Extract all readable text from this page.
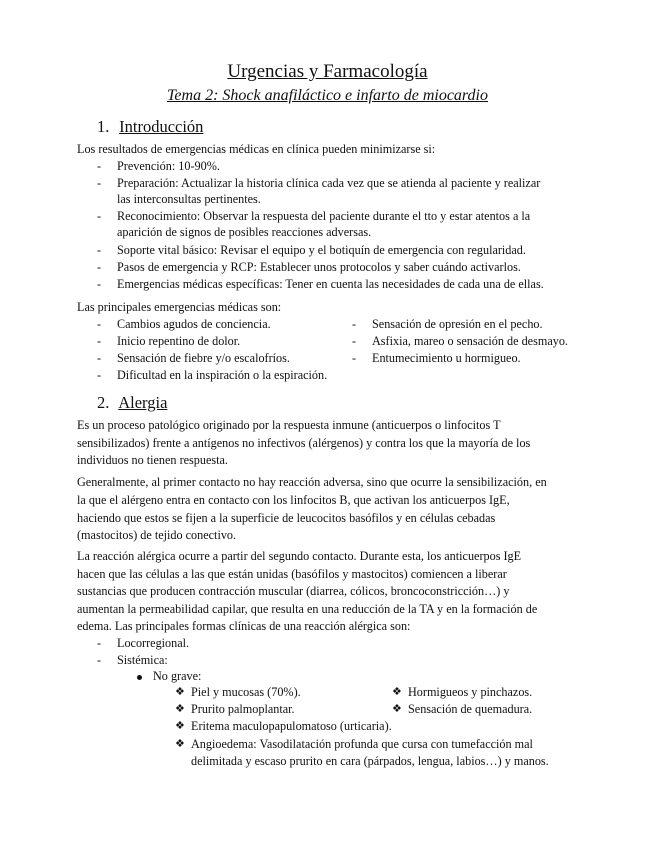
Urgencias y Farmacología
Tema 2: Shock anafiláctico e infarto de miocardio
1. Introducción
Los resultados de emergencias médicas en clínica pueden minimizarse si:
- Prevención: 10-90%.
- Preparación: Actualizar la historia clínica cada vez que se atienda al paciente y realizar
las interconsultas pertinentes.
- Reconocimiento: Observar la respuesta del paciente durante el tto y estar atentos a la
aparición de signos de posibles reacciones adversas.
- Soporte vital básico: Revisar el equipo y el botiquín de emergencia con regularidad.
- Pasos de emergencia y RCP: Establecer unos protocolos y saber cuándo activarlos.
- Emergencias médicas específicas: Tener en cuenta las necesidades de cada una de ellas.
Las principales emergencias médicas son:
- Cambios agudos de conciencia.
- Inicio repentino de dolor.
- Sensación de fiebre y/o escalofríos.
- Dificultad en la inspiración o la espiración.
- Sensación de opresión en el pecho.
- Asfixia, mareo o sensación de desmayo.
- Entumecimiento u hormigueo.
2. Alergia
Es un proceso patológico originado por la respuesta inmune (anticuerpos o linfocitos T
sensibilizados) frente a antígenos no infectivos (alérgenos) y contra los que la mayoría de los
individuos no tienen respuesta.
Generalmente, al primer contacto no hay reacción adversa, sino que ocurre la sensibilización, en
la que el alérgeno entra en contacto con los linfocitos B, que activan los anticuerpos IgE,
haciendo que estos se fijen a la superficie de leucocitos basófilos y en células cebadas
(mastocitos) de tejido conectivo.
La reacción alérgica ocurre a partir del segundo contacto. Durante esta, los anticuerpos IgE
hacen que las células a las que están unidas (basófilos y mastocitos) comiencen a liberar
sustancias que producen contracción muscular (diarrea, cólicos, broncoconstricción…) y
aumentan la permeabilidad capilar, que resulta en una reducción de la TA y en la formación de
edema. Las principales formas clínicas de una reacción alérgica son:
- Locorregional.
- Sistémica:
No grave:
❖ Piel y mucosas (70%).
❖ Prurito palmoplantar.
❖ Hormigueos y pinchazos.
❖ Sensación de quemadura.
❖ Eritema maculopapulomatoso (urticaria).
❖ Angioedema: Vasodilatación profunda que cursa con tumefacción mal
delimitada y escaso prurito en cara (párpados, lengua, labios…) y manos.
